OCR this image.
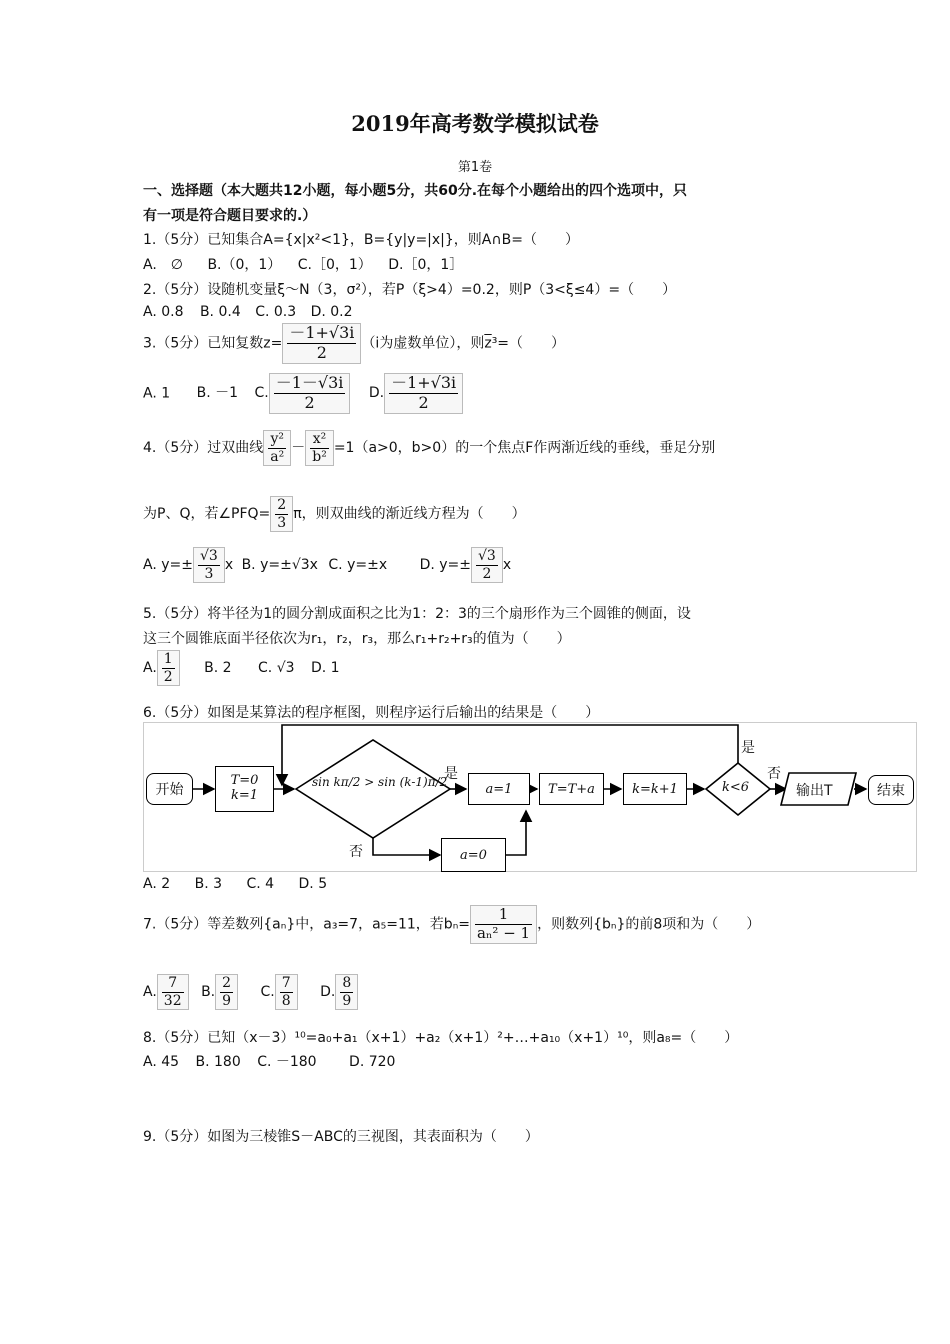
2019年高考数学模拟试卷
第1卷
一、选择题（本大题共12小题，每小题5分，共60分.在每个小题给出的四个选项中，只
有一项是符合题目要求的.）
1.（5分）已知集合A={x|x²<1}，B={y|y=|x|}，则A∩B=（　　）
A.　∅ B.（0，1） C.［0，1） D.［0，1］
2.（5分）设随机变量ξ～N（3，σ²），若P（ξ>4）=0.2，则P（3<ξ≤4）=（　　）
A. 0.8 B. 0.4 C. 0.3 D. 0.2
3.（5分）已知复数$z= \frac{-1+√3i}{2} (i$为虚数单位），则$\overline{z}^3=$（　　）
A. 1 B. －1 C. $\frac{-1-√3i}{2} D$. $\frac{-1+√3i}{2}$
4.（5分）过双曲线 $\frac{\text{y²}}{\text{a²}} - \frac{\text{x²}}{\text{b²}} =1(a>0$，b>0）的一个焦点F作两渐近线的垂线，垂足分别
为P、Q，若∠PFQ= $\frac{2}{3}$ π，则双曲线的渐近线方程为（　　）
A. $y=\pm \frac{√3}{3}$ x B. y=±√3x C. y=±x D. $y=\pm \frac{√3}{2}$ x
5.（5分）将半径为1的圆分割成面积之比为1：2：3的三个扇形作为三个圆锥的侧面，设
这三个圆锥底面半径依次为r₁，r₂，r₃，那么r₁+r₂+r₃的值为（　　）
A. $\frac{1}{2} B$. 2 C. √3 D. 1
6.（5分）如图是某算法的程序框图，则程序运行后输出的结果是（　　）
开始
T=0
k=1
sin kπ/2 > sin (k-1)π/2
是
否
a=1
a=0
T=T+a	k=k+1	k<6
是
否
输出T	结束
A. 2 B. 3 C. 4 D. 5
7.（5分）等差数列{aₙ}中，a₃=7，a₅=11，若$b_n= \frac{1}{\text{aₙ² − 1}}$ ，则数列{bₙ}的前8项和为（　　）
A. $\frac{7}{32} B$. $\frac{2}{9} C$. $\frac{7}{8} D$. $\frac{8}{9}$
8.（5分）已知（x－3）¹⁰=a₀+a₁（x+1）+a₂（x+1）²+…+a₁₀（x+1）¹⁰，则a₈=（　　）
A. 45 B. 180 C. －180 D. 720
9.（5分）如图为三棱锥S－ABC的三视图，其表面积为（　　）
